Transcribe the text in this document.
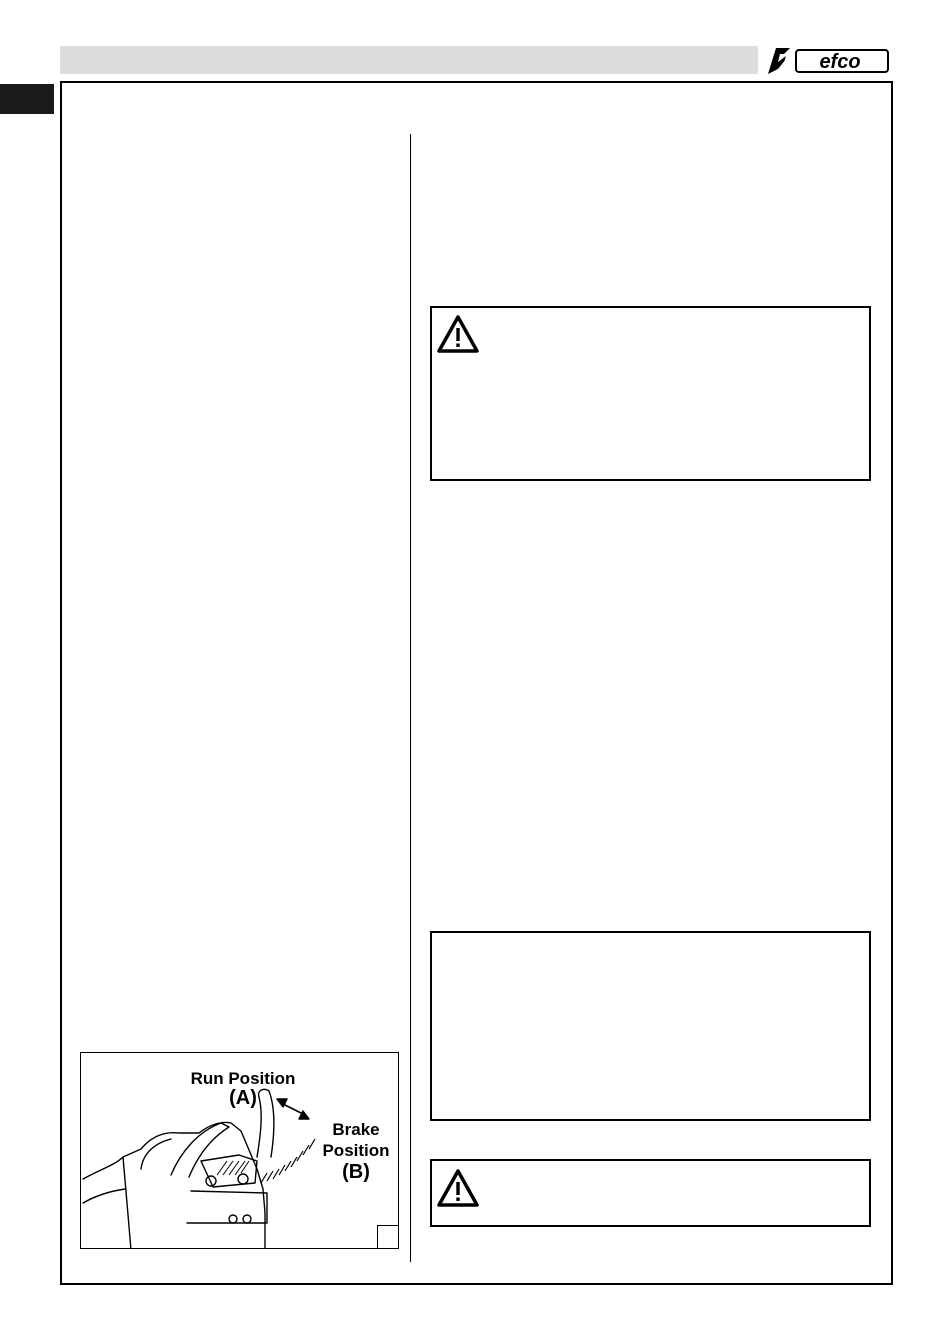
efco
Run Position
(A)
Brake
Position
(B)
